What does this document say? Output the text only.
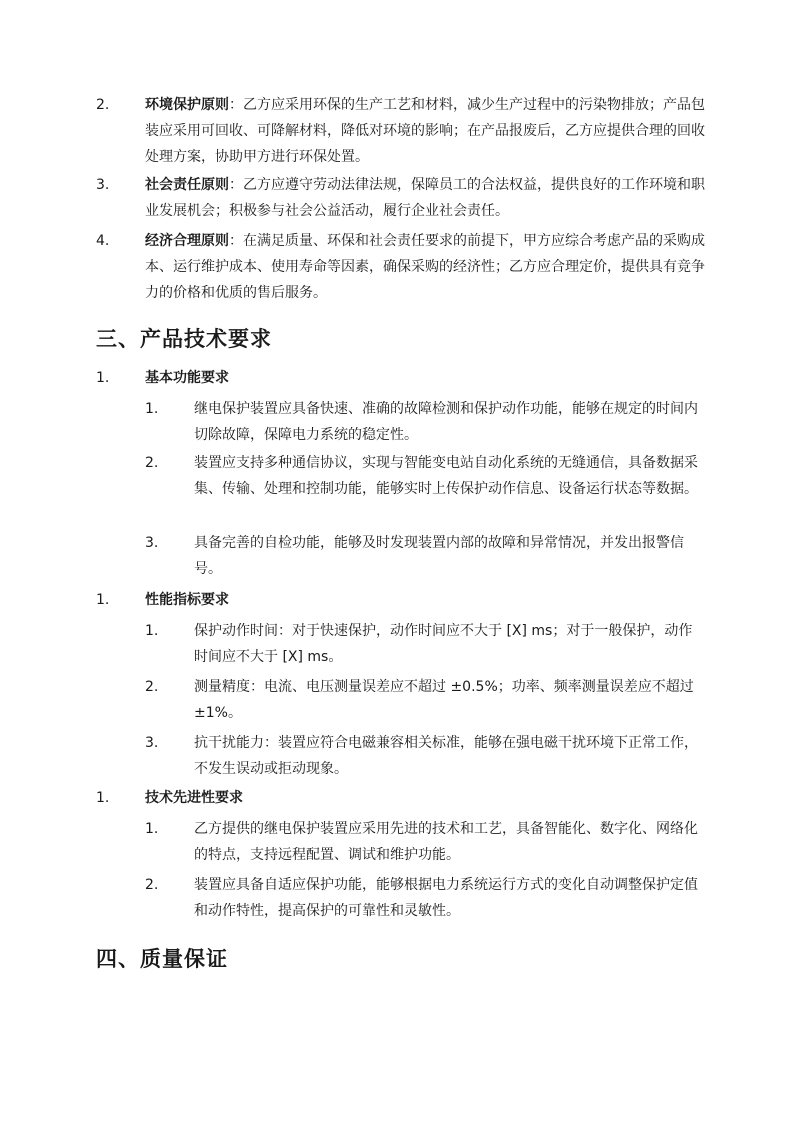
2.	环境保护原则：乙方应采用环保的生产工艺和材料，减少生产过程中的污染物排放；产品包装应采用可回收、可降解材料，降低对环境的影响；在产品报废后，乙方应提供合理的回收处理方案，协助甲方进行环保处置。
3.	社会责任原则：乙方应遵守劳动法律法规，保障员工的合法权益，提供良好的工作环境和职业发展机会；积极参与社会公益活动，履行企业社会责任。
4.	经济合理原则：在满足质量、环保和社会责任要求的前提下，甲方应综合考虑产品的采购成本、运行维护成本、使用寿命等因素，确保采购的经济性；乙方应合理定价，提供具有竞争力的价格和优质的售后服务。
三、产品技术要求
1.	基本功能要求
1.	继电保护装置应具备快速、准确的故障检测和保护动作功能，能够在规定的时间内切除故障，保障电力系统的稳定性。
2.	装置应支持多种通信协议，实现与智能变电站自动化系统的无缝通信，具备数据采集、传输、处理和控制功能，能够实时上传保护动作信息、设备运行状态等数据。
3.	具备完善的自检功能，能够及时发现装置内部的故障和异常情况，并发出报警信号。
1.	性能指标要求
1.	保护动作时间：对于快速保护，动作时间应不大于 [X] ms；对于一般保护，动作时间应不大于 [X] ms。
2.	测量精度：电流、电压测量误差应不超过 ±0.5%；功率、频率测量误差应不超过 ±1%。
3.	抗干扰能力：装置应符合电磁兼容相关标准，能够在强电磁干扰环境下正常工作，不发生误动或拒动现象。
1.	技术先进性要求
1.	乙方提供的继电保护装置应采用先进的技术和工艺，具备智能化、数字化、网络化的特点，支持远程配置、调试和维护功能。
2.	装置应具备自适应保护功能，能够根据电力系统运行方式的变化自动调整保护定值和动作特性，提高保护的可靠性和灵敏性。
四、质量保证
